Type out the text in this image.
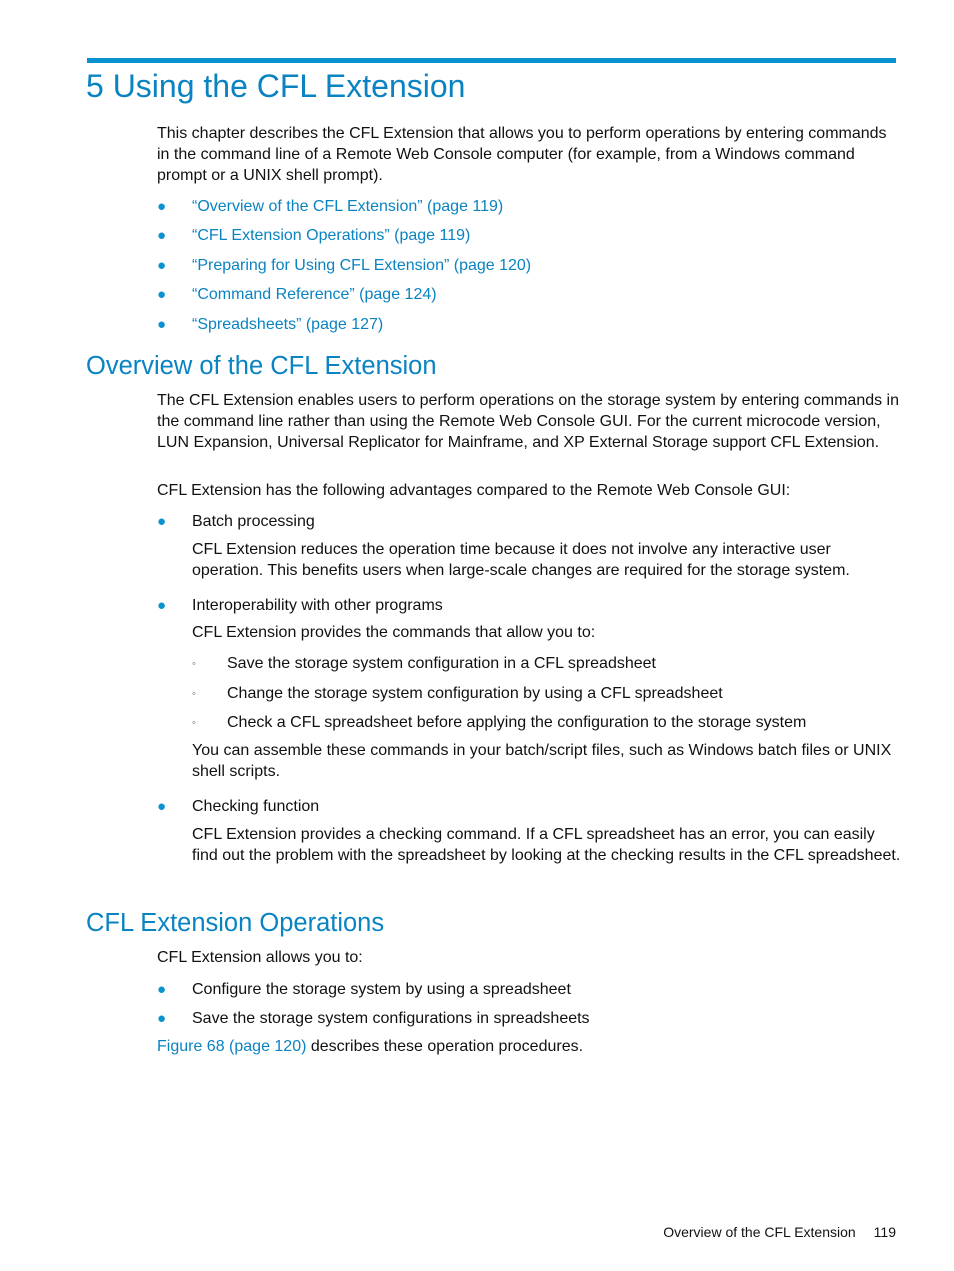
5 Using the CFL Extension

This chapter describes the CFL Extension that allows you to perform operations by entering commands in the command line of a Remote Web Console computer (for example, from a Windows command prompt or a UNIX shell prompt).

●	“Overview of the CFL Extension” (page 119)
●	“CFL Extension Operations” (page 119)
●	“Preparing for Using CFL Extension” (page 120)
●	“Command Reference” (page 124)
●	“Spreadsheets” (page 127)
Overview of the CFL Extension

The CFL Extension enables users to perform operations on the storage system by entering commands in the command line rather than using the Remote Web Console GUI. For the current microcode version, LUN Expansion, Universal Replicator for Mainframe, and XP External Storage support CFL Extension.

CFL Extension has the following advantages compared to the Remote Web Console GUI:

●	Batch processing

CFL Extension reduces the operation time because it does not involve any interactive user operation. This benefits users when large-scale changes are required for the storage system.

●	Interoperability with other programs

CFL Extension provides the commands that allow you to:

◦	Save the storage system configuration in a CFL spreadsheet
◦	Change the storage system configuration by using a CFL spreadsheet
◦	Check a CFL spreadsheet before applying the configuration to the storage system

You can assemble these commands in your batch/script files, such as Windows batch files or UNIX shell scripts.

●	Checking function

CFL Extension provides a checking command. If a CFL spreadsheet has an error, you can easily find out the problem with the spreadsheet by looking at the checking results in the CFL spreadsheet.

CFL Extension Operations

CFL Extension allows you to:

●	Configure the storage system by using a spreadsheet
●	Save the storage system configurations in spreadsheets

Figure 68 (page 120) describes these operation procedures.

Overview of the CFL Extension 119
